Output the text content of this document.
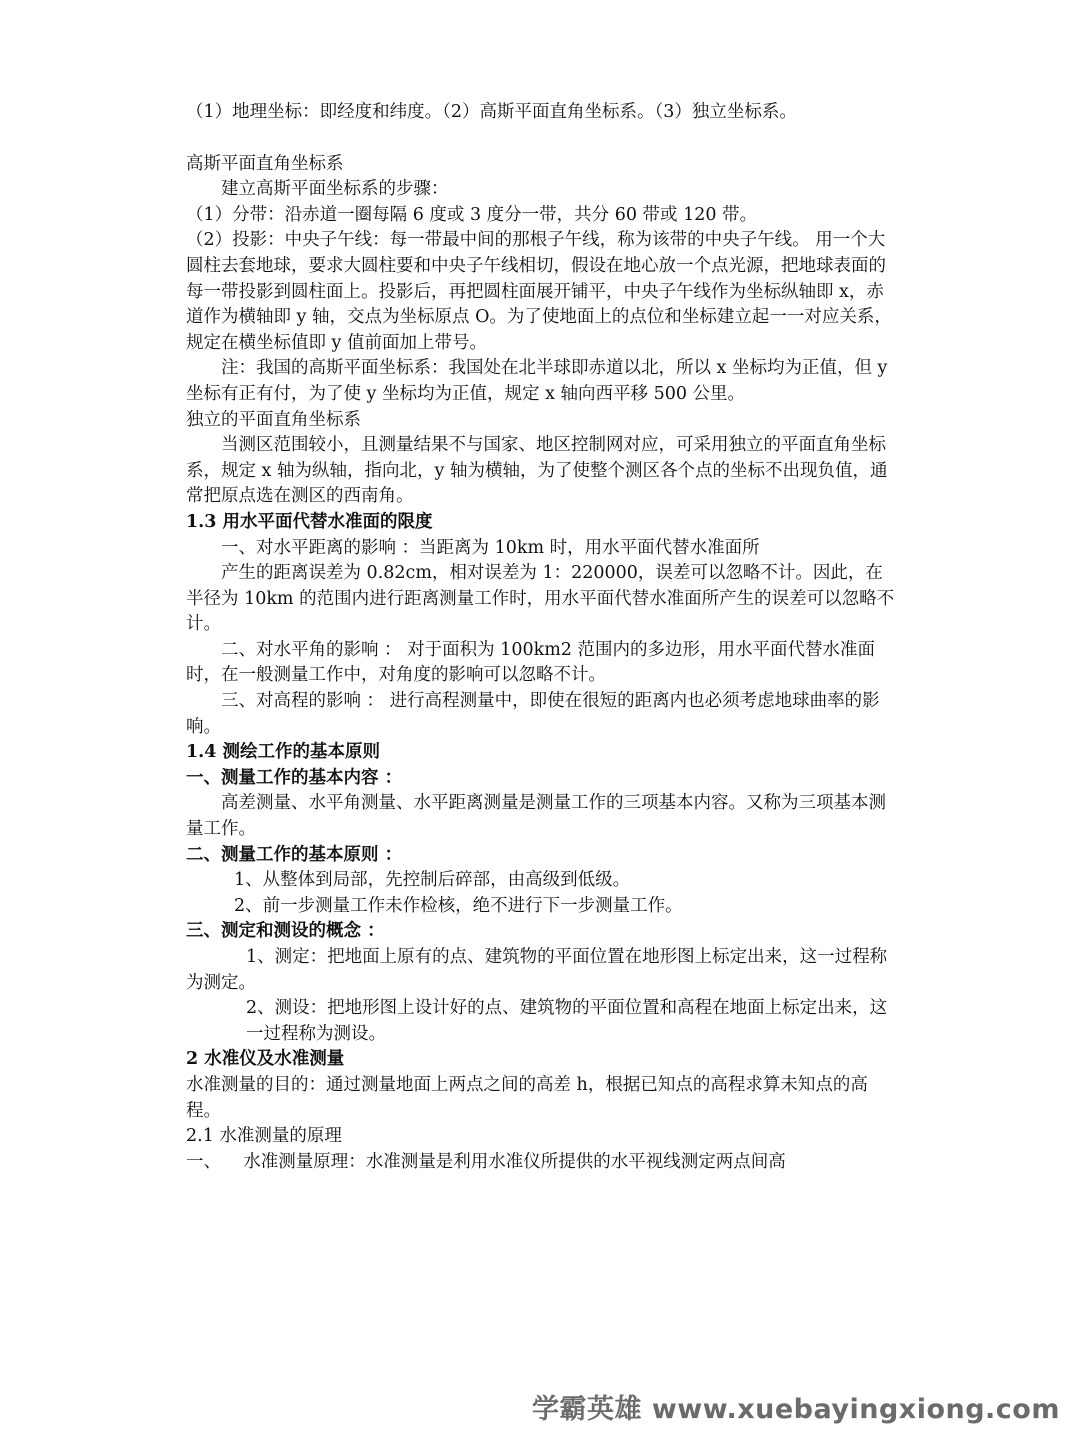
（1）地理坐标：即经度和纬度。（2）高斯平面直角坐标系。（3）独立坐标系。

高斯平面直角坐标系

建立高斯平面坐标系的步骤：

（1）分带：沿赤道一圈每隔 6 度或 3 度分一带，共分 60 带或 120 带。

（2）投影：中央子午线：每一带最中间的那根子午线，称为该带的中央子午线。 用一个大圆柱去套地球，要求大圆柱要和中央子午线相切，假设在地心放一个点光源，把地球表面的每一带投影到圆柱面上。投影后，再把圆柱面展开铺平，中央子午线作为坐标纵轴即 x，赤道作为横轴即 y 轴，交点为坐标原点 O。为了使地面上的点位和坐标建立起一一对应关系，规定在横坐标值即 y 值前面加上带号。

注：我国的高斯平面坐标系：我国处在北半球即赤道以北，所以 x 坐标均为正值，但 y 坐标有正有付，为了使 y 坐标均为正值，规定 x 轴向西平移 500 公里。

独立的平面直角坐标系

当测区范围较小，且测量结果不与国家、地区控制网对应，可采用独立的平面直角坐标系，规定 x 轴为纵轴，指向北，y 轴为横轴，为了使整个测区各个点的坐标不出现负值，通常把原点选在测区的西南角。

1.3 用水平面代替水准面的限度

一、对水平距离的影响 ：当距离为 10km 时，用水平面代替水准面所

产生的距离误差为 0.82cm，相对误差为 1：220000，误差可以忽略不计。因此，在半径为 10km 的范围内进行距离测量工作时，用水平面代替水准面所产生的误差可以忽略不计。

二、对水平角的影响 ： 对于面积为 100km2 范围内的多边形，用水平面代替水准面时，在一般测量工作中，对角度的影响可以忽略不计。

三、对高程的影响 ： 进行高程测量中，即使在很短的距离内也必须考虑地球曲率的影响。

1.4 测绘工作的基本原则

一、测量工作的基本内容 ：

高差测量、水平角测量、水平距离测量是测量工作的三项基本内容。又称为三项基本测量工作。

二、测量工作的基本原则 ：

1、从整体到局部，先控制后碎部，由高级到低级。

2、前一步测量工作未作检核，绝不进行下一步测量工作。

三、测定和测设的概念 ：

1、测定：把地面上原有的点、建筑物的平面位置在地形图上标定出来，这一过程称为测定。

2、测设：把地形图上设计好的点、建筑物的平面位置和高程在地面上标定出来，这一过程称为测设。

2 水准仪及水准测量

水准测量的目的：通过测量地面上两点之间的高差 h，根据已知点的高程求算未知点的高程。

2.1 水准测量的原理

一、    水准测量原理：水准测量是利用水准仪所提供的水平视线测定两点间高

学霸英雄 www.xuebayingxiong.com
